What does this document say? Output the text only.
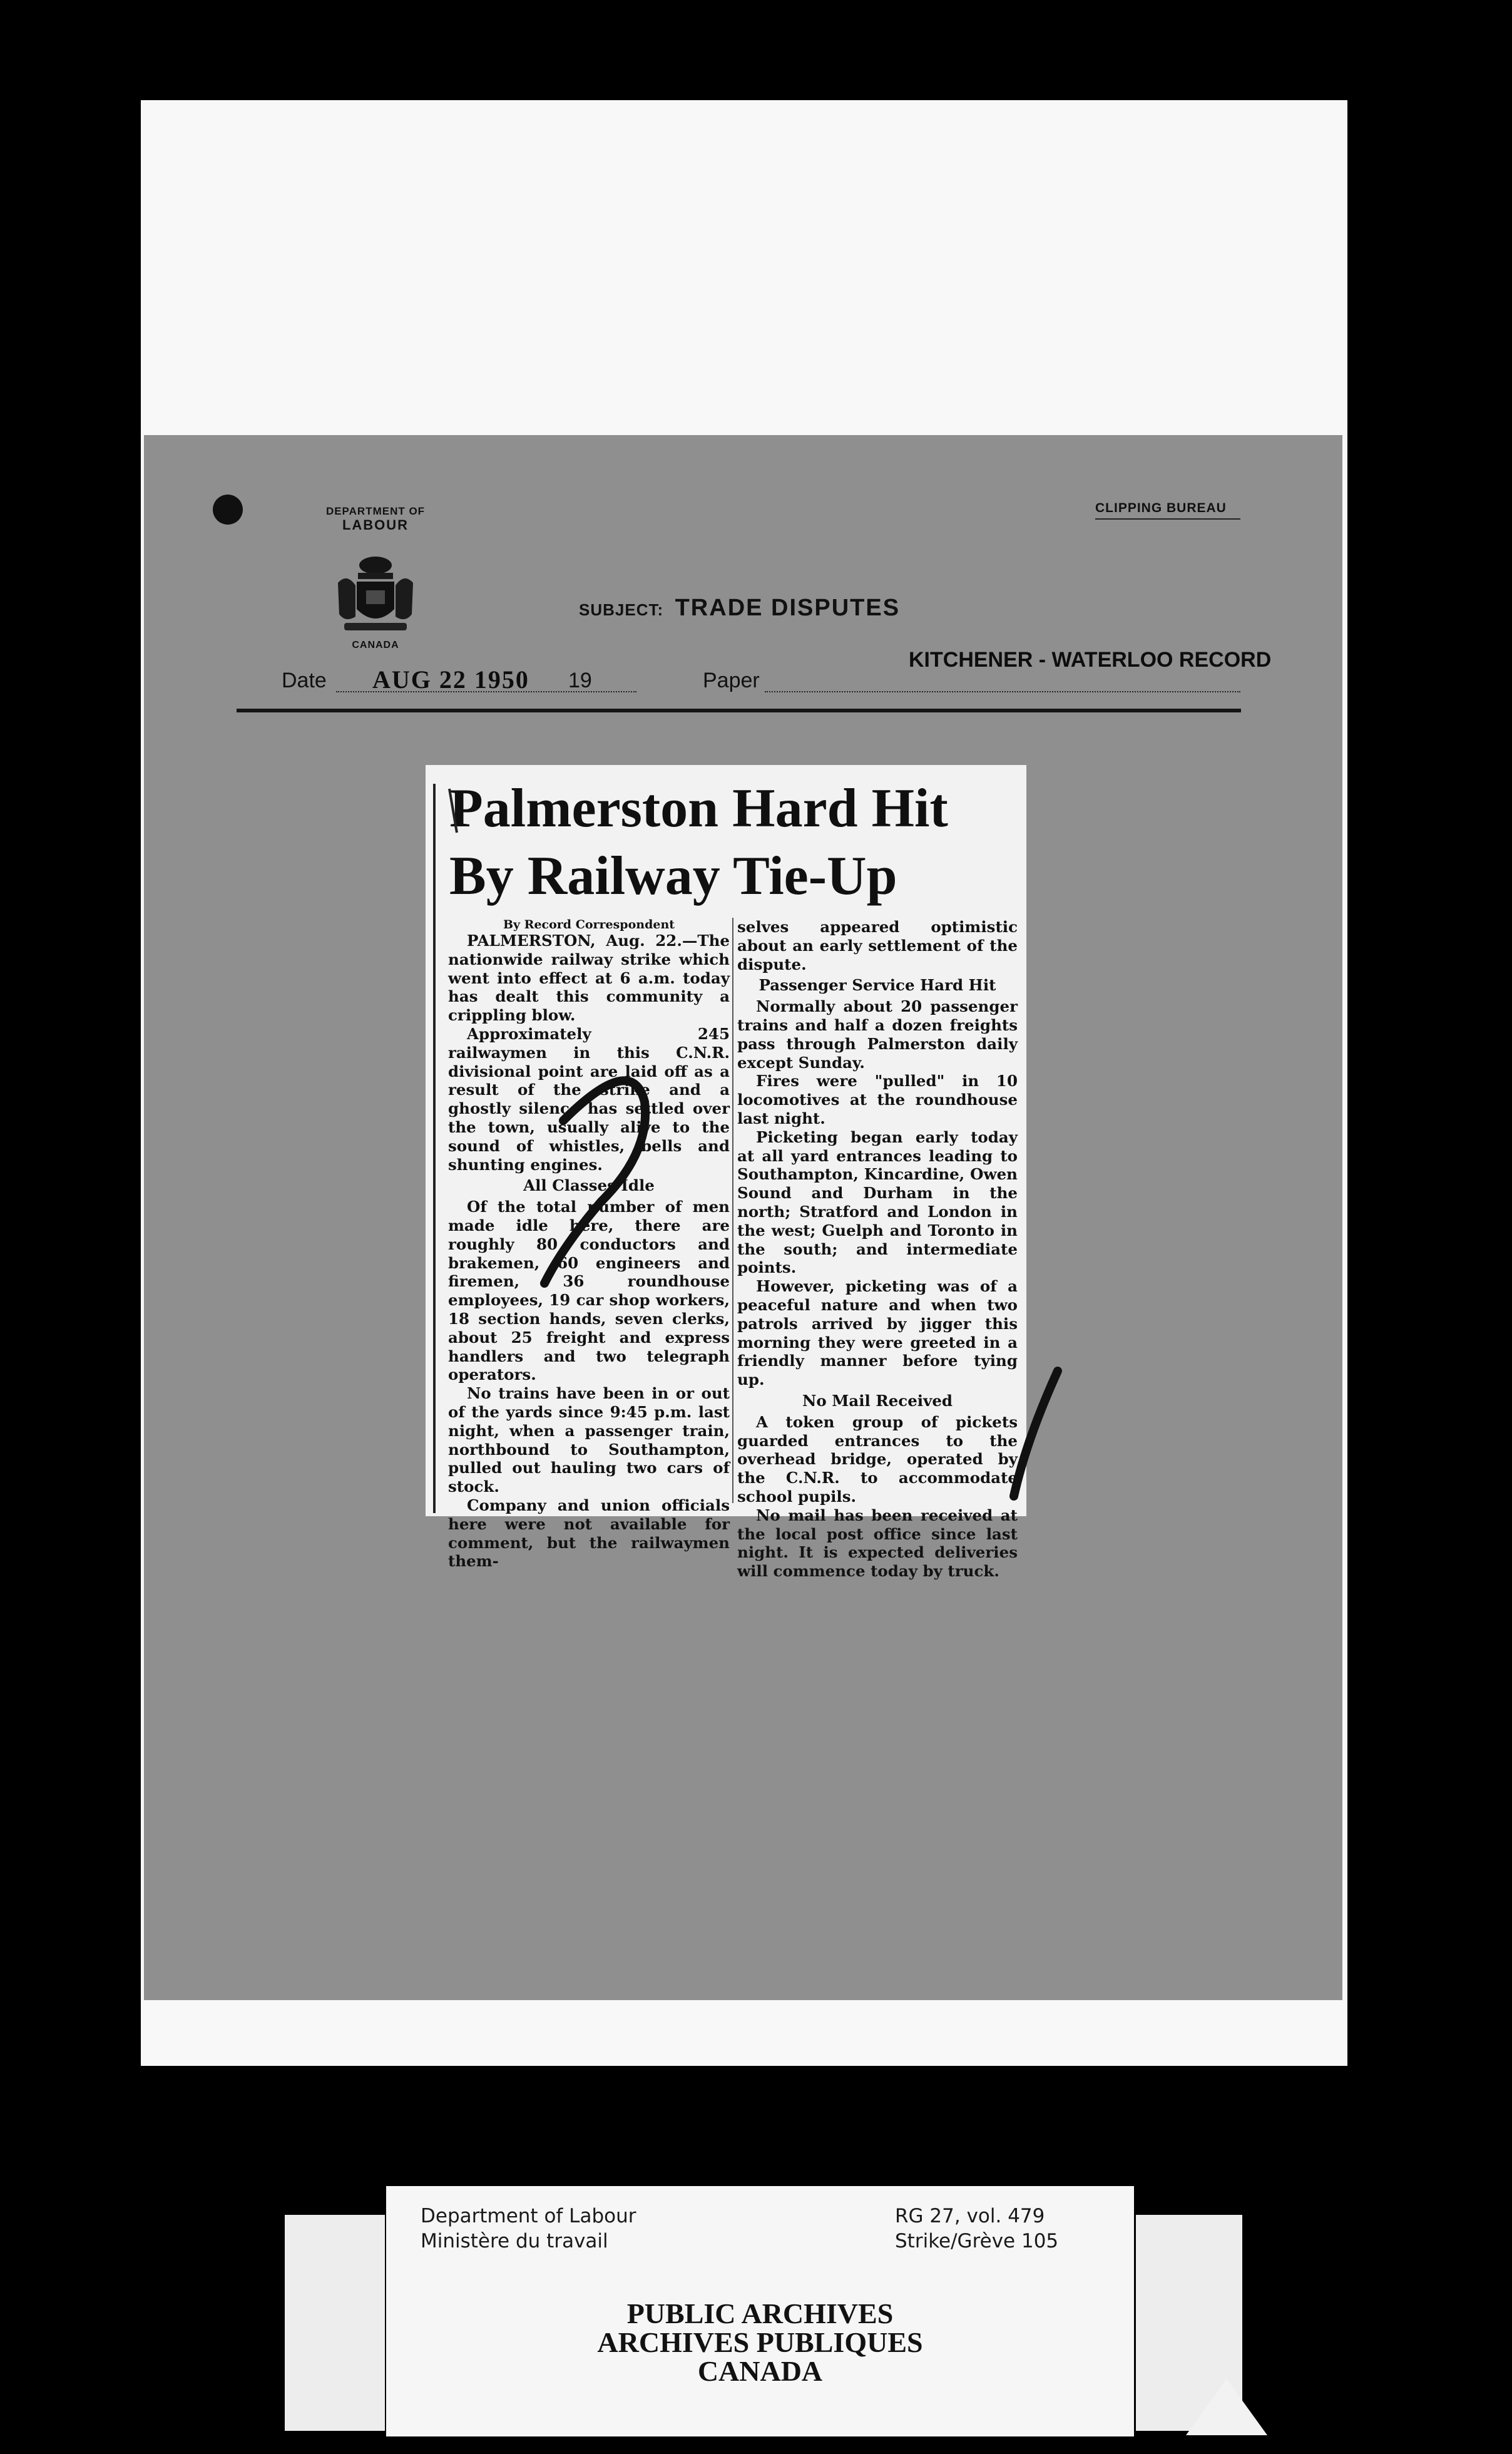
DEPARTMENT OF
LABOUR
CANADA
CLIPPING BUREAU
SUBJECT: TRADE DISPUTES
Date AUG 22 1950 19	Paper
KITCHENER - WATERLOO RECORD
Palmerston Hard Hit
By Railway Tie-Up

By Record Correspondent

PALMERSTON, Aug. 22.—The nationwide railway strike which went into effect at 6 a.m. today has dealt this community a crippling blow.

Approximately 245 railwaymen in this C.N.R. divisional point are laid off as a result of the strike and a ghostly silence has settled over the town, usually alive to the sound of whistles, bells and shunting engines.

All Classes Idle

Of the total number of men made idle here, there are roughly 80 conductors and brakemen, 60 engineers and firemen, 36 roundhouse employees, 19 car shop workers, 18 section hands, seven clerks, about 25 freight and express handlers and two telegraph operators.

No trains have been in or out of the yards since 9:45 p.m. last night, when a passenger train, northbound to Southampton, pulled out hauling two cars of stock.

Company and union officials here were not available for comment, but the railwaymen them-

selves appeared optimistic about an early settlement of the dispute.

Passenger Service Hard Hit

Normally about 20 passenger trains and half a dozen freights pass through Palmerston daily except Sunday.

Fires were "pulled" in 10 locomotives at the roundhouse last night.

Picketing began early today at all yard entrances leading to Southampton, Kincardine, Owen Sound and Durham in the north; Stratford and London in the west; Guelph and Toronto in the south; and intermediate points.

However, picketing was of a peaceful nature and when two patrols arrived by jigger this morning they were greeted in a friendly manner before tying up.

No Mail Received

A token group of pickets guarded entrances to the overhead bridge, operated by the C.N.R. to accommodate school pupils.

No mail has been received at the local post office since last night. It is expected deliveries will commence today by truck.

Department of Labour
Ministère du travail
RG 27, vol. 479
Strike/Grève 105
PUBLIC ARCHIVES
ARCHIVES PUBLIQUES
CANADA
